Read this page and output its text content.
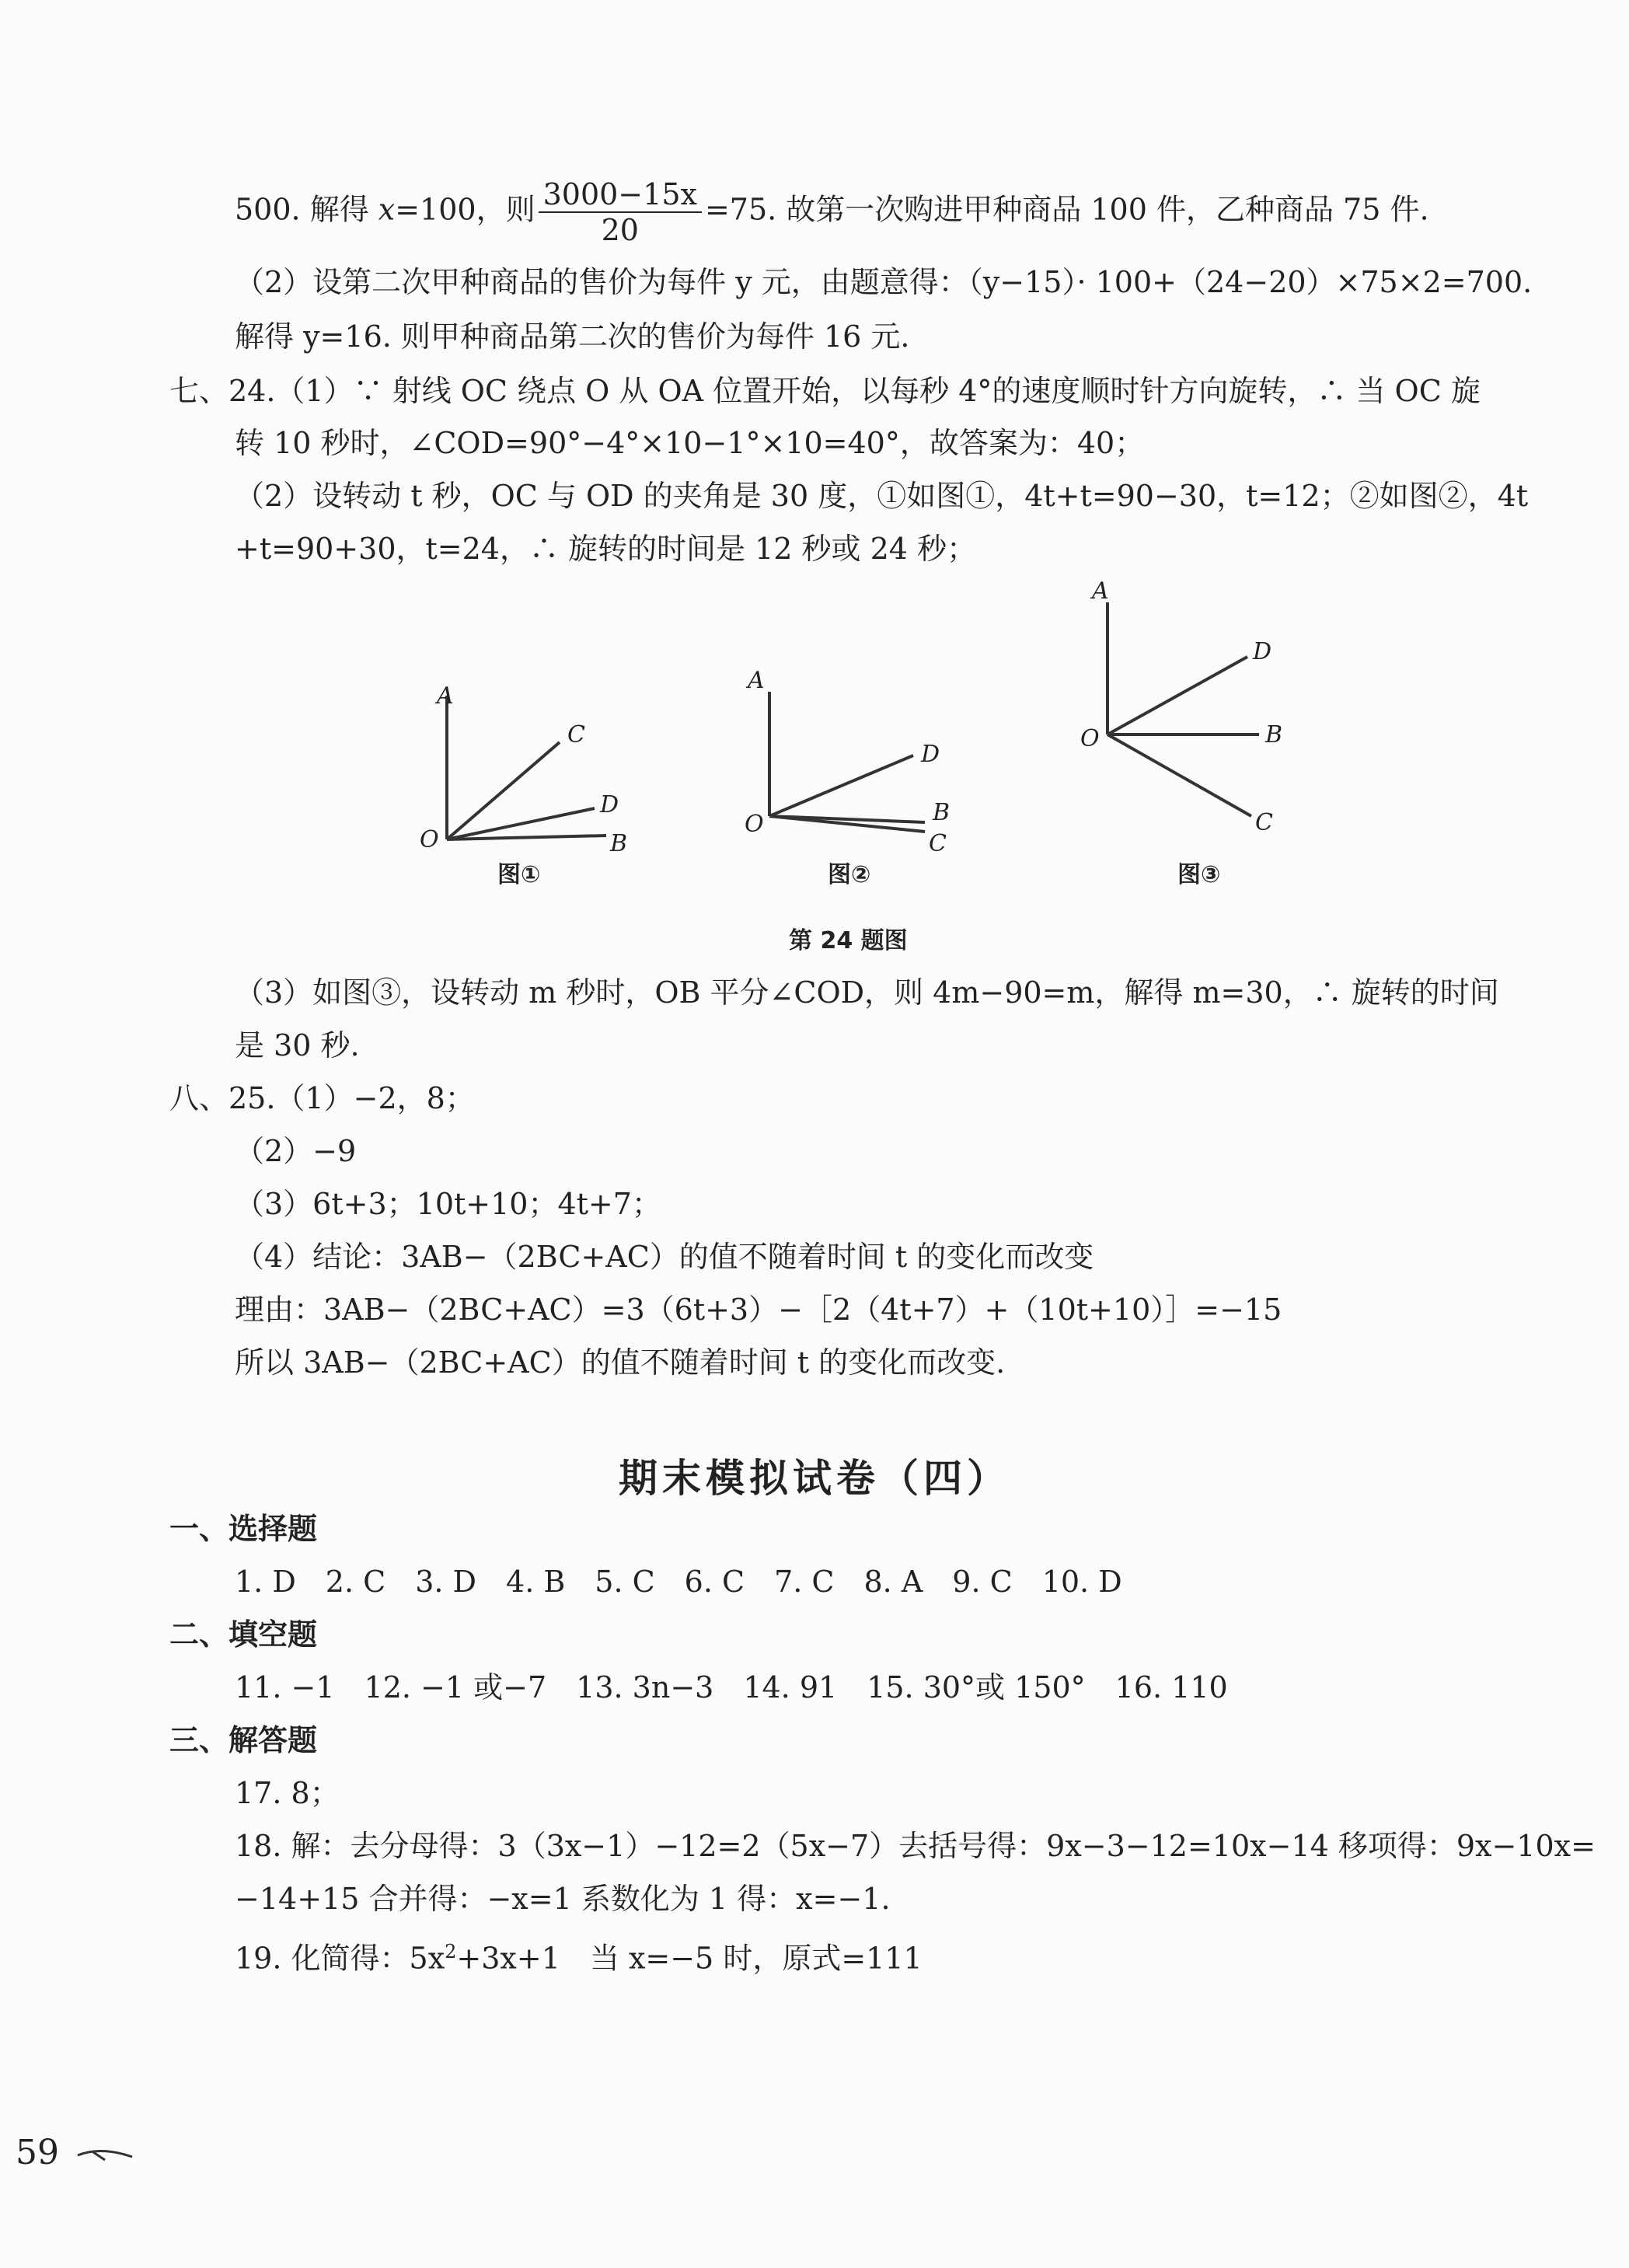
500. 解得 x=100，则 $\frac{3000-15x}{20} =75$. 故第一次购进甲种商品 100 件，乙种商品 75 件.
（2）设第二次甲种商品的售价为每件 y 元，由题意得：（y−15）· 100+（24−20）×75×2=700.
解得 y=16. 则甲种商品第二次的售价为每件 16 元.
七、24.（1）∵ 射线 OC 绕点 O 从 OA 位置开始，以每秒 4°的速度顺时针方向旋转，∴ 当 OC 旋
转 10 秒时，∠COD=90°−4°×10−1°×10=40°，故答案为：40；
（2）设转动 t 秒，OC 与 OD 的夹角是 30 度，①如图①，4t+t=90−30，t=12；②如图②，4t
+t=90+30，t=24，∴ 旋转的时间是 12 秒或 24 秒；
A
C
D
O	B
A
D
O	B
C
A
D
O	B
C
图①	图②	图③
第 24 题图
（3）如图③，设转动 m 秒时，OB 平分∠COD，则 4m−90=m，解得 m=30，∴ 旋转的时间
是 30 秒.
八、25.（1）−2，8；
（2）−9
（3）6t+3；10t+10；4t+7；
（4）结论：3AB−（2BC+AC）的值不随着时间 t 的变化而改变
理由：3AB−（2BC+AC）=3（6t+3）−［2（4t+7）+（10t+10）］=−15
所以 3AB−（2BC+AC）的值不随着时间 t 的变化而改变.
期末模拟试卷（四）
一、选择题
1. D　2. C　3. D　4. B　5. C　6. C　7. C　8. A　9. C　10. D
二、填空题
11. −1　12. −1 或−7　13. 3n−3　14. 91　15. 30°或 150°　16. 110
三、解答题
17. 8；
18. 解：去分母得：3（3x−1）−12=2（5x−7）去括号得：9x−3−12=10x−14 移项得：9x−10x=
−14+15 合并得：−x=1 系数化为 1 得：x=−1.
19. 化简得：$5x^2+3x+1$　当 x=−5 时，原式=111
59
